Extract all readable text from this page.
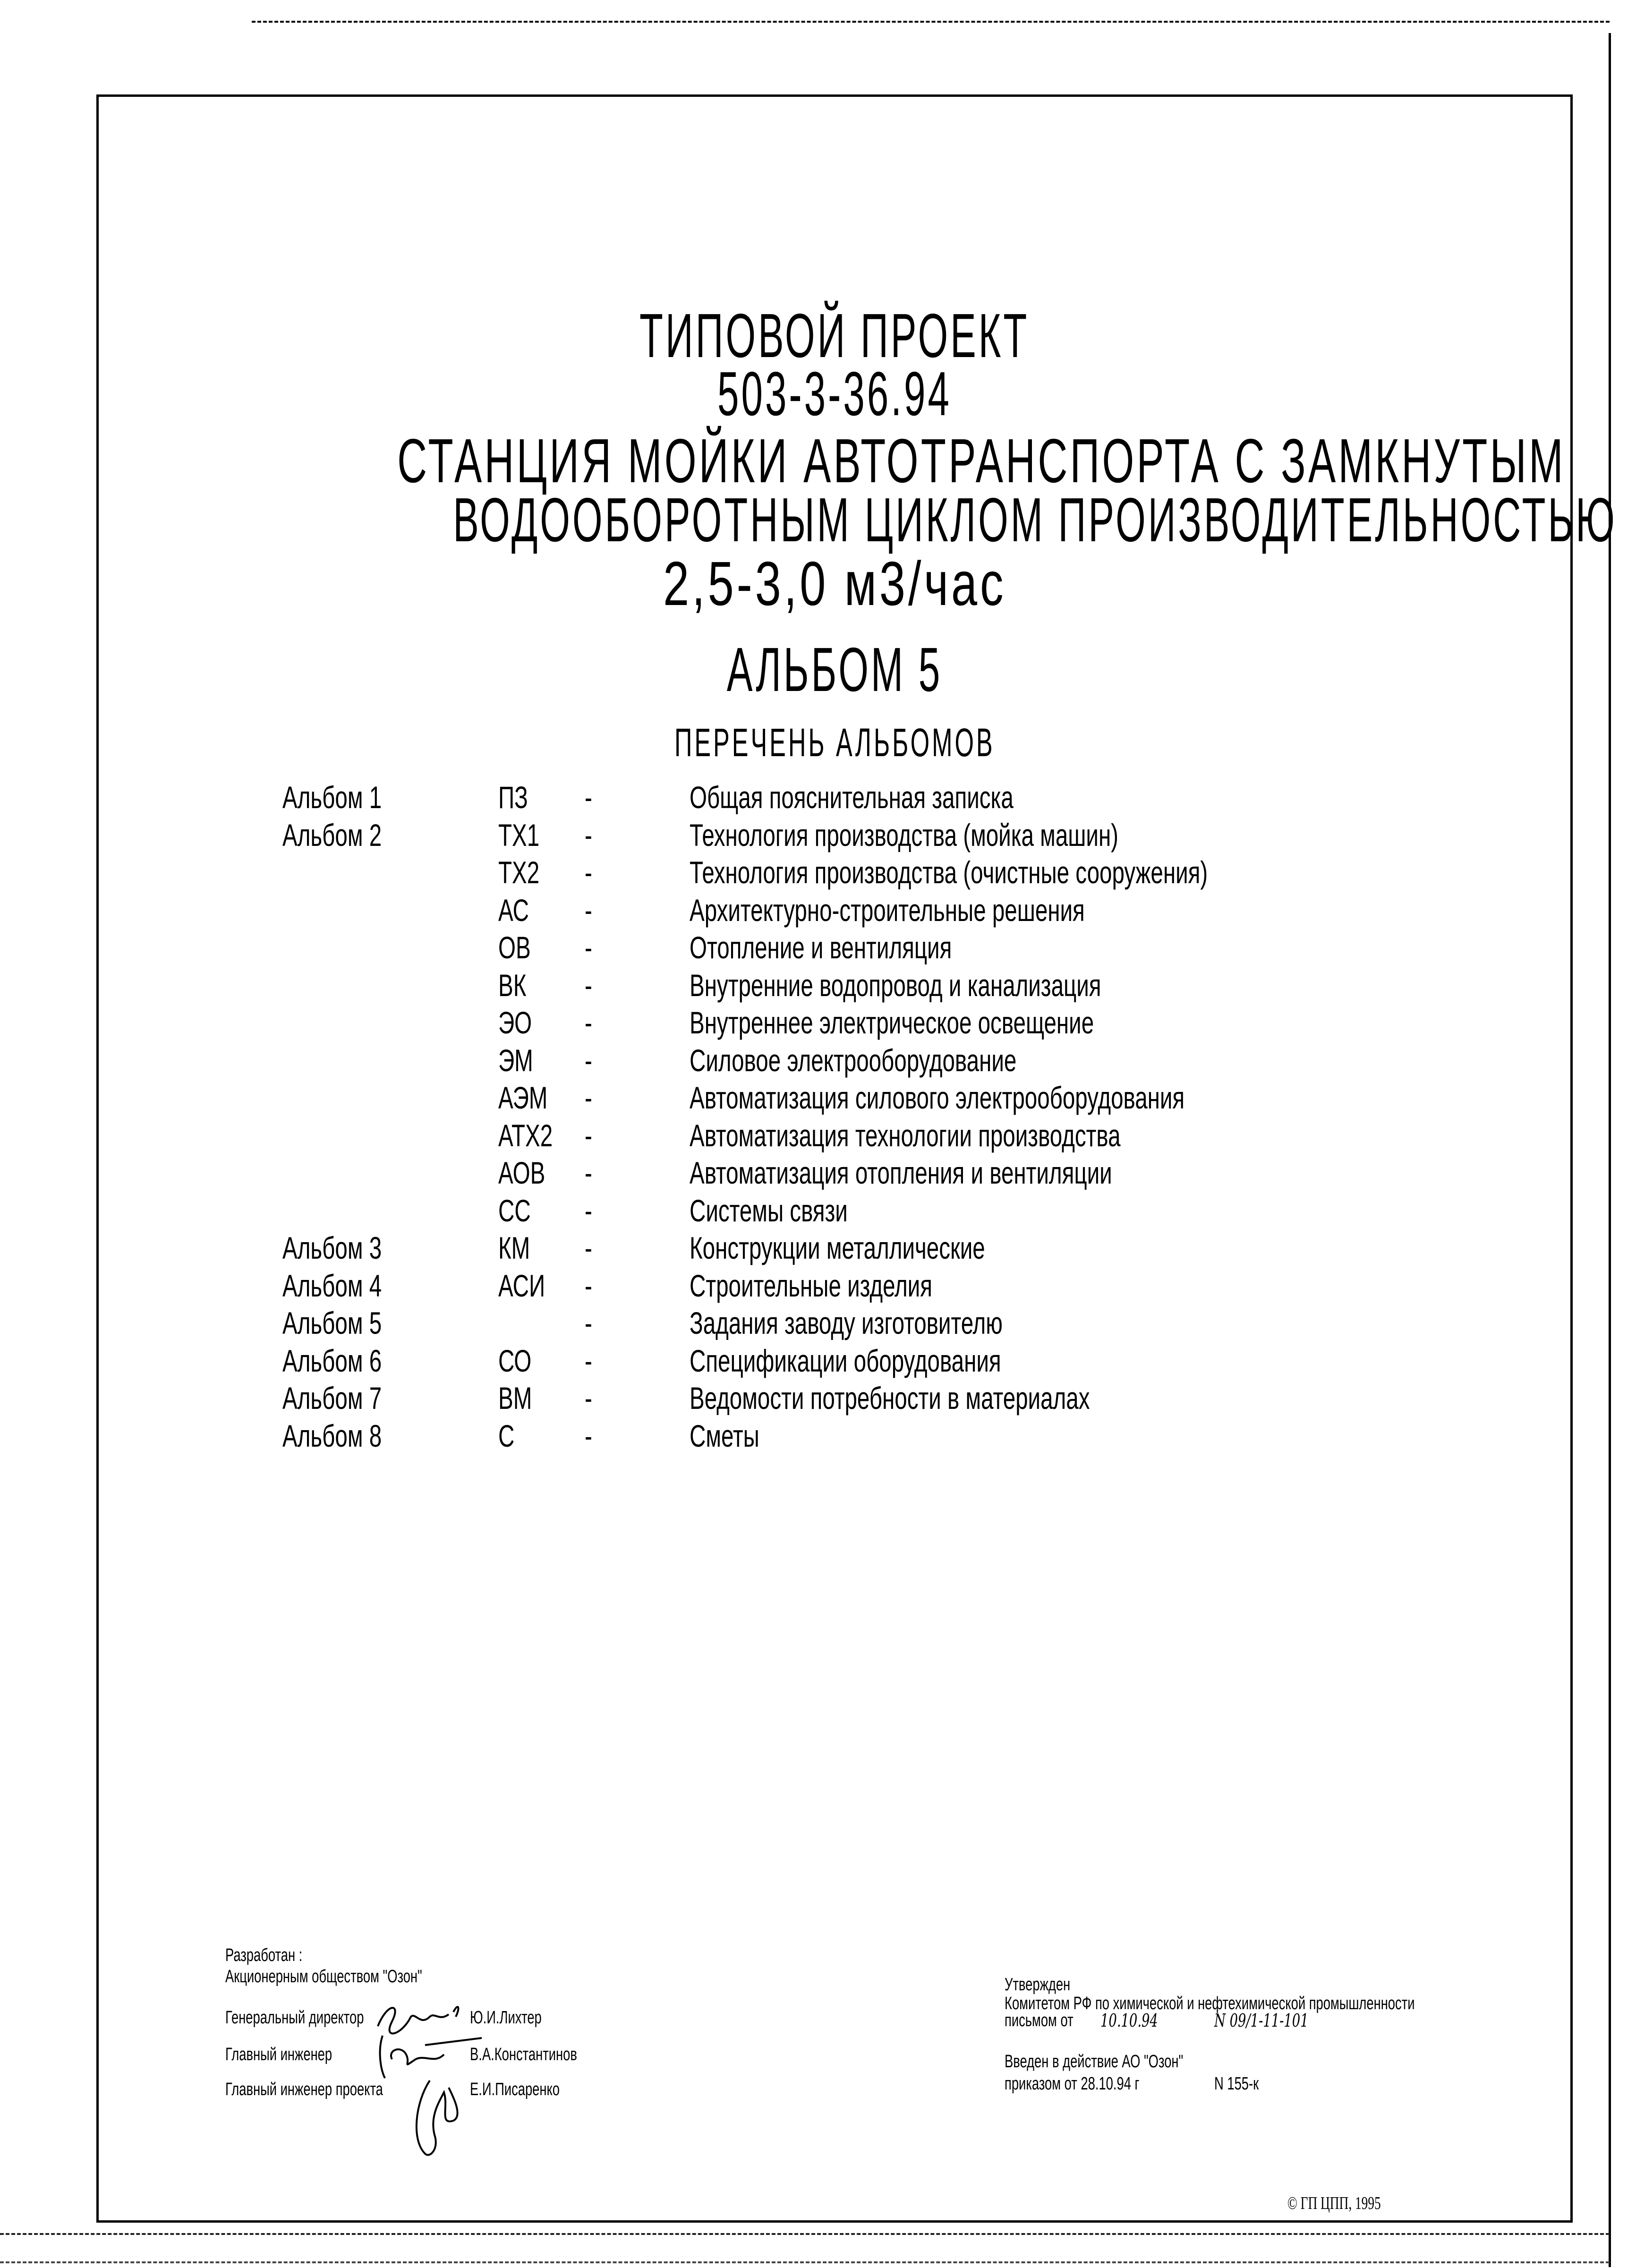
ТИПОВОЙ ПРОЕКТ
503-3-36.94
СТАНЦИЯ МОЙКИ АВТОТРАНСПОРТА С ЗАМКНУТЫМ
ВОДООБОРОТНЫМ ЦИКЛОМ ПРОИЗВОДИТЕЛЬНОСТЬЮ
2,5-3,0 м3/час
АЛЬБОМ 5
ПЕРЕЧЕНЬ АЛЬБОМОВ
Альбом 1	ПЗ -	Общая пояснительная записка
Альбом 2	ТХ1 -	Технология производства (мойка машин)
ТХ2 -	Технология производства (очистные сооружения)
АС -	Архитектурно-строительные решения
ОВ -	Отопление и вентиляция
ВК -	Внутренние водопровод и канализация
ЭО -	Внутреннее электрическое освещение
ЭМ -	Силовое электрооборудование
АЭМ -	Автоматизация силового электрооборудования
АТХ2 -	Автоматизация технологии производства
АОВ -	Автоматизация отопления и вентиляции
СС -	Системы связи
Альбом 3	КМ -	Конструкции металлические
Альбом 4	АСИ -	Строительные изделия
Альбом 5	-	Задания заводу изготовителю
Альбом 6	СО -	Спецификации оборудования
Альбом 7	ВМ -	Ведомости потребности в материалах
Альбом 8	С -	Сметы
Разработан :
Акционерным обществом "Озон"
Генеральный директор	Ю.И.Лихтер
Главный инженер	В.А.Константинов
Главный инженер проекта	Е.И.Писаренко
Утвержден
Комитетом РФ по химической и нефтехимической промышленности
письмом от	10.10.94	N 09/1-11-101
Введен в действие АО "Озон"
приказом от 28.10.94 г	N 155-к
© ГП ЦПП, 1995
